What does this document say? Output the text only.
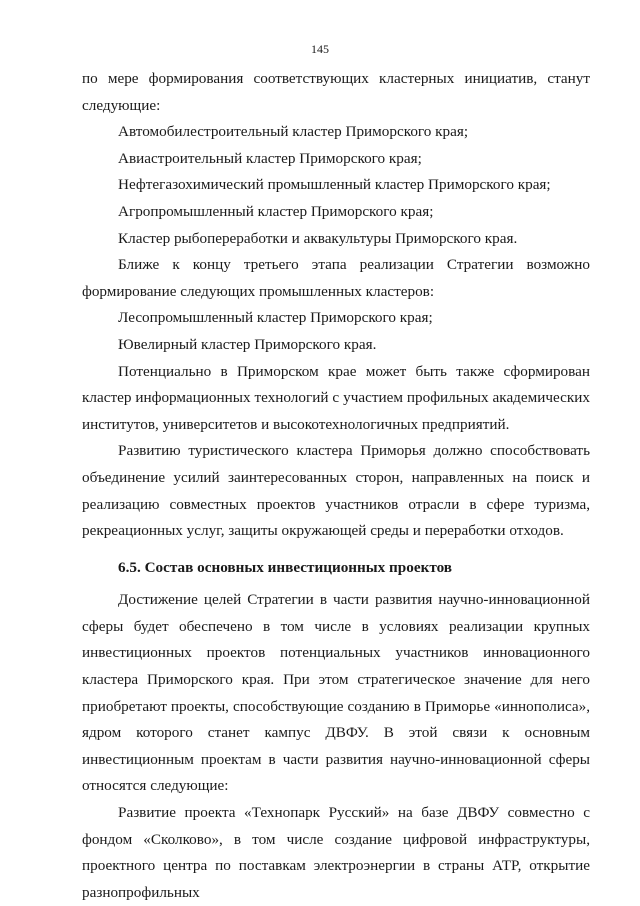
145

по мере формирования соответствующих кластерных инициатив, станут следующие:

Автомобилестроительный кластер Приморского края;

Авиастроительный кластер Приморского края;

Нефтегазохимический промышленный кластер Приморского края;

Агропромышленный кластер Приморского края;

Кластер рыбопереработки и аквакультуры Приморского края.

Ближе к концу третьего этапа реализации Стратегии возможно формирование следующих промышленных кластеров:

Лесопромышленный кластер Приморского края;

Ювелирный кластер Приморского края.

Потенциально в Приморском крае может быть также сформирован кластер информационных технологий с участием профильных академических институтов, университетов и высокотехнологичных предприятий.

Развитию туристического кластера Приморья должно способствовать объединение усилий заинтересованных сторон, направленных на поиск и реализацию совместных проектов участников отрасли в сфере туризма, рекреационных услуг, защиты окружающей среды и переработки отходов.

6.5. Состав основных инвестиционных проектов

Достижение целей Стратегии в части развития научно-инновационной сферы будет обеспечено в том числе в условиях реализации крупных инвестиционных проектов потенциальных участников инновационного кластера Приморского края. При этом стратегическое значение для него приобретают проекты, способствующие созданию в Приморье «иннополиса», ядром которого станет кампус ДВФУ. В этой связи к основным инвестиционным проектам в части развития научно-инновационной сферы относятся следующие:

Развитие проекта «Технопарк Русский» на базе ДВФУ совместно с фондом «Сколково», в том числе создание цифровой инфраструктуры, проектного центра по поставкам электроэнергии в страны АТР, открытие разнопрофильных
